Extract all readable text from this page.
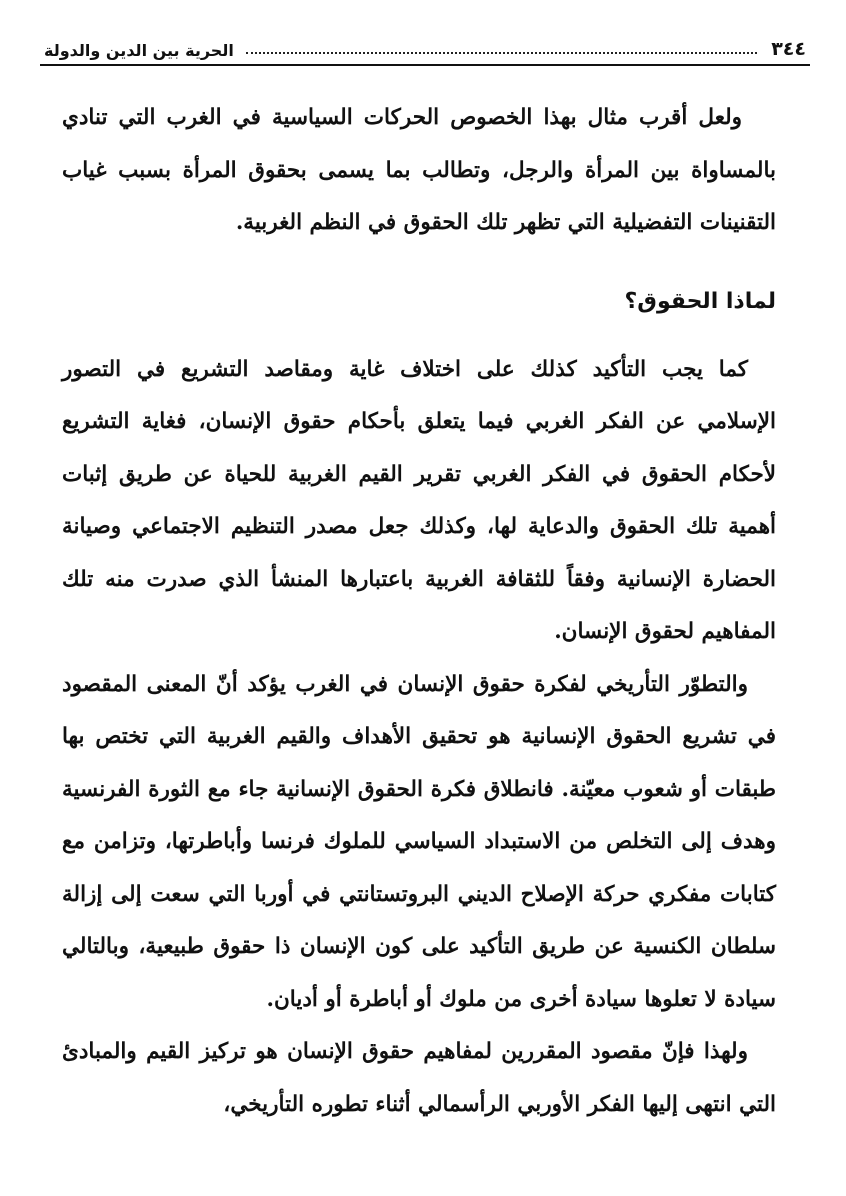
٣٤٤
الحرية بين الدين والدولة

ولعل أقرب مثال بهذا الخصوص الحركات السياسية في الغرب التي تنادي بالمساواة بين المرأة والرجل، وتطالب بما يسمى بحقوق المرأة بسبب غياب التقنينات التفضيلية التي تظهر تلك الحقوق في النظم الغربية.

لماذا الحقوق؟

كما يجب التأكيد كذلك على اختلاف غاية ومقاصد التشريع في التصور الإسلامي عن الفكر الغربي فيما يتعلق بأحكام حقوق الإنسان، فغاية التشريع لأحكام الحقوق في الفكر الغربي تقرير القيم الغربية للحياة عن طريق إثبات أهمية تلك الحقوق والدعاية لها، وكذلك جعل مصدر التنظيم الاجتماعي وصيانة الحضارة الإنسانية وفقاً للثقافة الغربية باعتبارها المنشأ الذي صدرت منه تلك المفاهيم لحقوق الإنسان.

والتطوّر التأريخي لفكرة حقوق الإنسان في الغرب يؤكد أنّ المعنى المقصود في تشريع الحقوق الإنسانية هو تحقيق الأهداف والقيم الغربية التي تختص بها طبقات أو شعوب معيّنة. فانطلاق فكرة الحقوق الإنسانية جاء مع الثورة الفرنسية وهدف إلى التخلص من الاستبداد السياسي للملوك فرنسا وأباطرتها، وتزامن مع كتابات مفكري حركة الإصلاح الديني البروتستانتي في أوربا التي سعت إلى إزالة سلطان الكنسية عن طريق التأكيد على كون الإنسان ذا حقوق طبيعية، وبالتالي سيادة لا تعلوها سيادة أخرى من ملوك أو أباطرة أو أديان.

ولهذا فإنّ مقصود المقررين لمفاهيم حقوق الإنسان هو تركيز القيم والمبادئ التي انتهى إليها الفكر الأوربي الرأسمالي أثناء تطوره التأريخي،
